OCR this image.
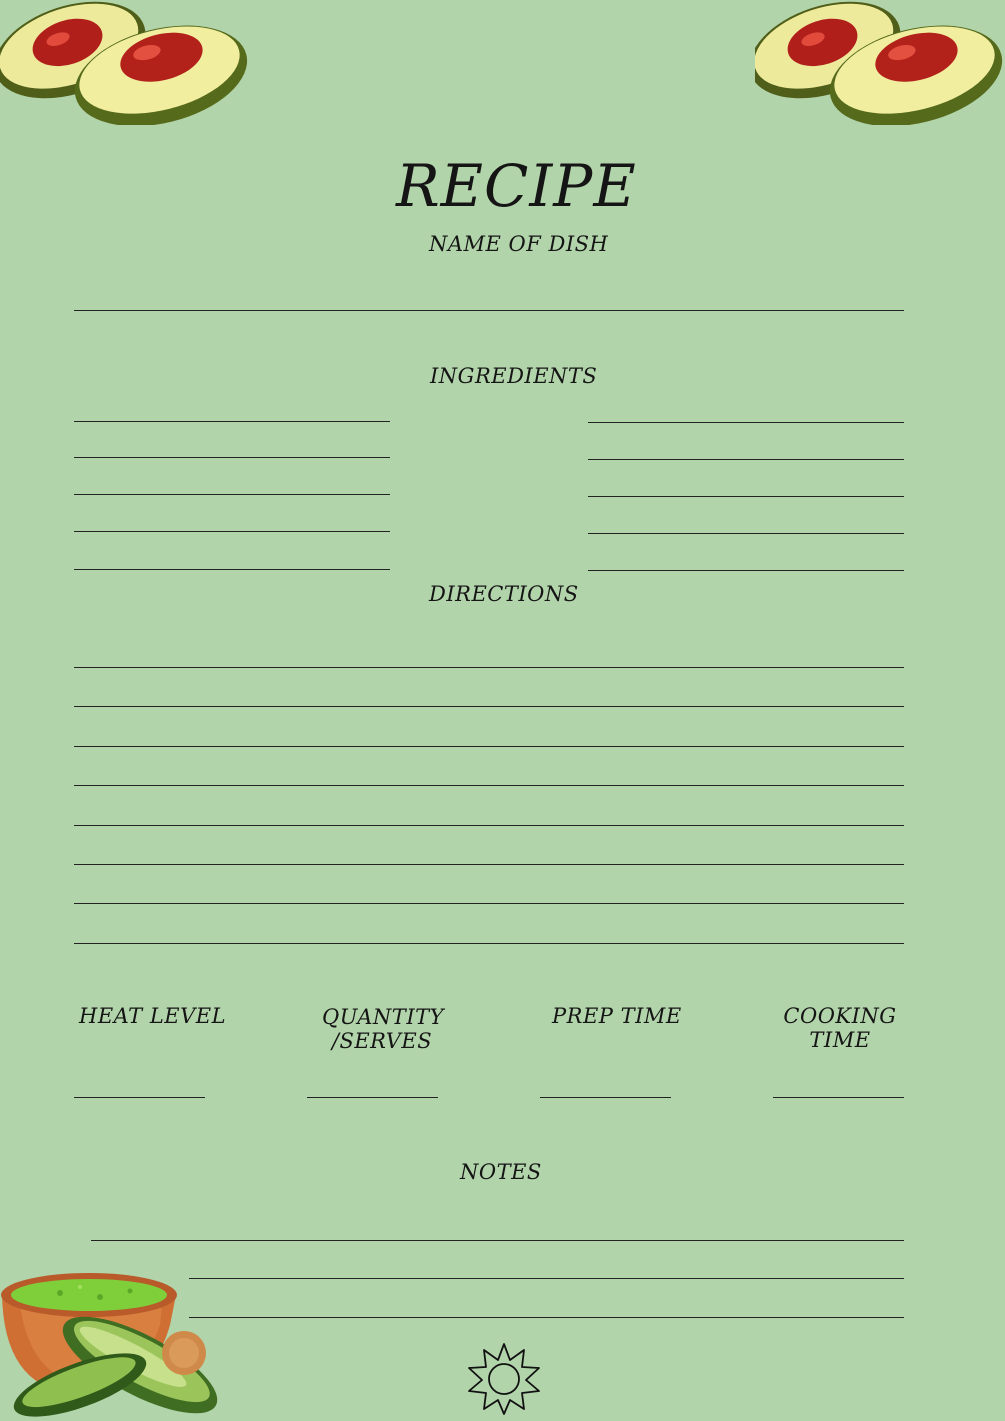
RECIPE
NAME OF DISH
INGREDIENTS
DIRECTIONS
HEAT LEVEL	QUANTITY /SERVES
PREP TIME	COOKING TIME
NOTES
